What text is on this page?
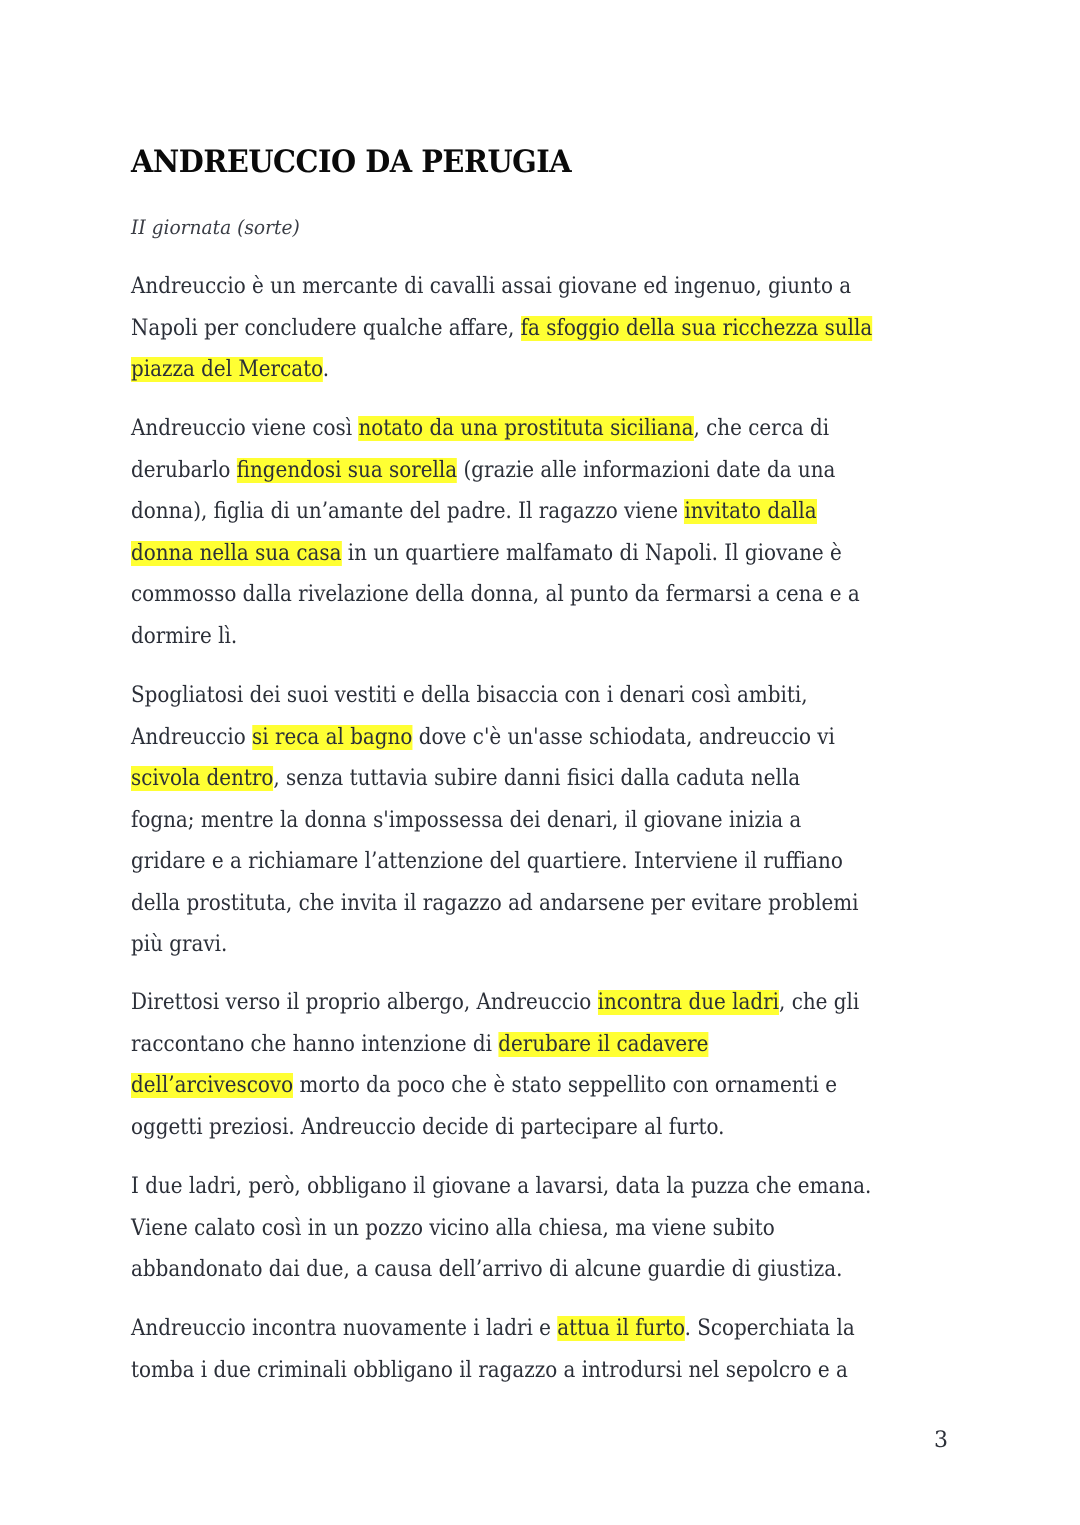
ANDREUCCIO DA PERUGIA

II giornata (sorte)

Andreuccio è un mercante di cavalli assai giovane ed ingenuo, giunto a
Napoli per concludere qualche affare, fa sfoggio della sua ricchezza sulla
piazza del Mercato.
Andreuccio viene così notato da una prostituta siciliana, che cerca di
derubarlo fingendosi sua sorella (grazie alle informazioni date da una
donna), figlia di un’amante del padre. Il ragazzo viene invitato dalla
donna nella sua casa in un quartiere malfamato di Napoli. Il giovane è
commosso dalla rivelazione della donna, al punto da fermarsi a cena e a
dormire lì.
Spogliatosi dei suoi vestiti e della bisaccia con i denari così ambiti,
Andreuccio si reca al bagno dove c'è un'asse schiodata, andreuccio vi
scivola dentro, senza tuttavia subire danni fisici dalla caduta nella
fogna; mentre la donna s'impossessa dei denari, il giovane inizia a
gridare e a richiamare l’attenzione del quartiere. Interviene il ruffiano
della prostituta, che invita il ragazzo ad andarsene per evitare problemi
più gravi.
Direttosi verso il proprio albergo, Andreuccio incontra due ladri, che gli
raccontano che hanno intenzione di derubare il cadavere
dell’arcivescovo morto da poco che è stato seppellito con ornamenti e
oggetti preziosi. Andreuccio decide di partecipare al furto.
I due ladri, però, obbligano il giovane a lavarsi, data la puzza che emana.
Viene calato così in un pozzo vicino alla chiesa, ma viene subito
abbandonato dai due, a causa dell’arrivo di alcune guardie di giustiza.
Andreuccio incontra nuovamente i ladri e attua il furto. Scoperchiata la
tomba i due criminali obbligano il ragazzo a introdursi nel sepolcro e a
3
